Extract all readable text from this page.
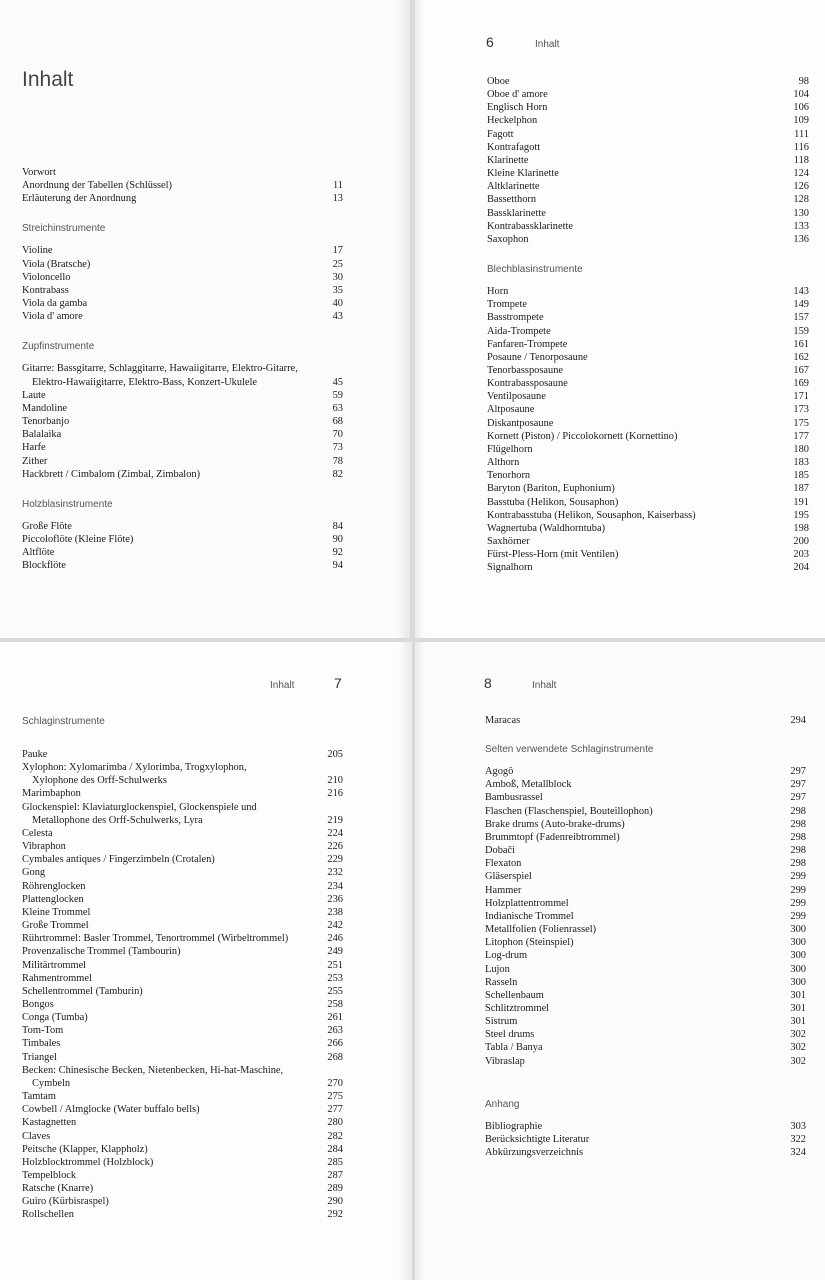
Inhalt
Vorwort
Anordnung der Tabellen (Schlüssel)	11
Erläuterung der Anordnung	13
Streichinstrumente
Violine	17
Viola (Bratsche)	25
Violoncello	30
Kontrabass	35
Viola da gamba	40
Viola d' amore	43
Zupfinstrumente
Gitarre: Bassgitarre, Schlaggitarre, Hawaiigitarre, Elektro-Gitarre,
Elektro-Hawaiigitarre, Elektro-Bass, Konzert-Ukulele	45
Laute	59
Mandoline	63
Tenorbanjo	68
Balalaika	70
Harfe	73
Zither	78
Hackbrett / Cimbalom (Zimbal, Zimbalon)	82
Holzblasinstrumente
Große Flöte	84
Piccoloflöte (Kleine Flöte)	90
Altflöte	92
Blockflöte	94
6	Inhalt
Oboe	98
Oboe d' amore	104
Englisch Horn	106
Heckelphon	109
Fagott	111
Kontrafagott	116
Klarinette	118
Kleine Klarinette	124
Altklarinette	126
Bassetthorn	128
Bassklarinette	130
Kontrabassklarinette	133
Saxophon	136
Blechblasinstrumente
Horn	143
Trompete	149
Basstrompete	157
Aida-Trompete	159
Fanfaren-Trompete	161
Posaune / Tenorposaune	162
Tenorbassposaune	167
Kontrabassposaune	169
Ventilposaune	171
Altposaune	173
Diskantposaune	175
Kornett (Piston) / Piccolokornett (Kornettino)	177
Flügelhorn	180
Althorn	183
Tenorhorn	185
Baryton (Bariton, Euphonium)	187
Basstuba (Helikon, Sousaphon)	191
Kontrabasstuba (Helikon, Sousaphon, Kaiserbass)	195
Wagnertuba (Waldhorntuba)	198
Saxhörner	200
Fürst-Pless-Horn (mit Ventilen)	203
Signalhorn	204
Inhalt	7
Schlaginstrumente
Pauke	205
Xylophon: Xylomarimba / Xylorimba, Trogxylophon,
Xylophone des Orff-Schulwerks	210
Marimbaphon	216
Glockenspiel: Klaviaturglockenspiel, Glockenspiele und
Metallophone des Orff-Schulwerks, Lyra	219
Celesta	224
Vibraphon	226
Cymbales antiques / Fingerzimbeln (Crotalen)	229
Gong	232
Röhrenglocken	234
Plattenglocken	236
Kleine Trommel	238
Große Trommel	242
Rührtrommel: Basler Trommel, Tenortrommel (Wirbeltrommel)	246
Provenzalische Trommel (Tambourin)	249
Militärtrommel	251
Rahmentrommel	253
Schellentrommel (Tamburin)	255
Bongos	258
Conga (Tumba)	261
Tom-Tom	263
Timbales	266
Triangel	268
Becken: Chinesische Becken, Nietenbecken, Hi-hat-Maschine,
Cymbeln	270
Tamtam	275
Cowbell / Almglocke (Water buffalo bells)	277
Kastagnetten	280
Claves	282
Peitsche (Klapper, Klappholz)	284
Holzblocktrommel (Holzblock)	285
Tempelblock	287
Ratsche (Knarre)	289
Guiro (Kürbisraspel)	290
Rollschellen	292
8	Inhalt
Maracas	294
Selten verwendete Schlaginstrumente
Agogô	297
Amboß, Metallblock	297
Bambusrassel	297
Flaschen (Flaschenspiel, Bouteillophon)	298
Brake drums (Auto-brake-drums)	298
Brummtopf (Fadenreibtrommel)	298
Dobači	298
Flexaton	298
Gläserspiel	299
Hammer	299
Holzplattentrommel	299
Indianische Trommel	299
Metallfolien (Folienrassel)	300
Litophon (Steinspiel)	300
Log-drum	300
Lujon	300
Rasseln	300
Schellenbaum	301
Schlitztrommel	301
Sistrum	301
Steel drums	302
Tabla / Banya	302
Vibraslap	302
Anhang
Bibliographie	303
Berücksichtigte Literatur	322
Abkürzungsverzeichnis	324
